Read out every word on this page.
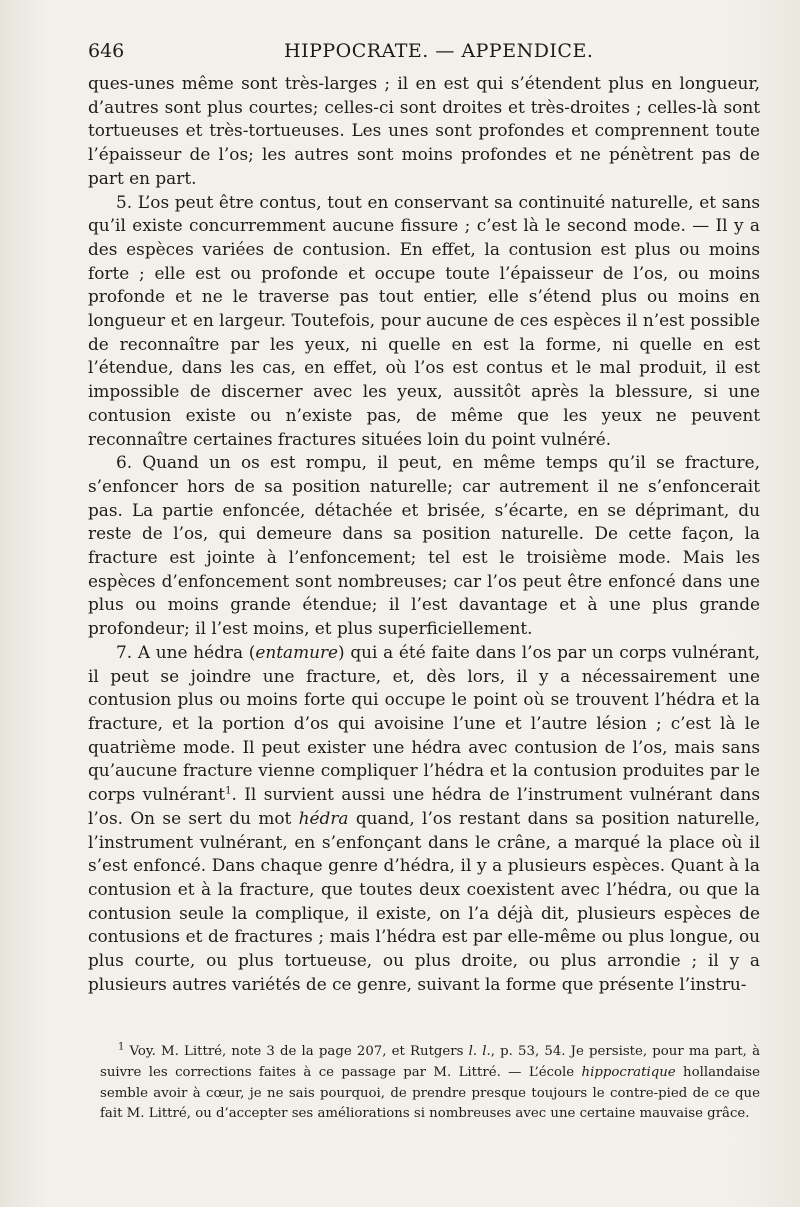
646	HIPPOCRATE. — APPENDICE.

ques-unes même sont très-larges ; il en est qui s’étendent plus en longueur, d’autres sont plus courtes; celles-ci sont droites et très-droites ; celles-là sont tortueuses et très-tortueuses. Les unes sont profondes et comprennent toute l’épaisseur de l’os; les autres sont moins profondes et ne pénètrent pas de part en part.

5. L’os peut être contus, tout en conservant sa continuité naturelle, et sans qu’il existe concurremment aucune fissure ; c’est là le second mode. — Il y a des espèces variées de contusion. En effet, la contusion est plus ou moins forte ; elle est ou profonde et occupe toute l’épaisseur de l’os, ou moins profonde et ne le traverse pas tout entier, elle s’étend plus ou moins en longueur et en largeur. Toutefois, pour aucune de ces espèces il n’est possible de reconnaître par les yeux, ni quelle en est la forme, ni quelle en est l’étendue, dans les cas, en effet, où l’os est contus et le mal produit, il est impossible de discerner avec les yeux, aussitôt après la blessure, si une contusion existe ou n’existe pas, de même que les yeux ne peuvent reconnaître certaines fractures situées loin du point vulnéré.

6. Quand un os est rompu, il peut, en même temps qu’il se fracture, s’enfoncer hors de sa position naturelle; car autrement il ne s’enfoncerait pas. La partie enfoncée, détachée et brisée, s’écarte, en se déprimant, du reste de l’os, qui demeure dans sa position naturelle. De cette façon, la fracture est jointe à l’enfoncement; tel est le troisième mode. Mais les espèces d’enfoncement sont nombreuses; car l’os peut être enfoncé dans une plus ou moins grande étendue; il l’est davantage et à une plus grande profondeur; il l’est moins, et plus superficiellement.

7. A une hédra (entamure) qui a été faite dans l’os par un corps vulnérant, il peut se joindre une fracture, et, dès lors, il y a nécessairement une contusion plus ou moins forte qui occupe le point où se trouvent l’hédra et la fracture, et la portion d’os qui avoisine l’une et l’autre lésion ; c’est là le quatrième mode. Il peut exister une hédra avec contusion de l’os, mais sans qu’aucune fracture vienne compliquer l’hédra et la contusion produites par le corps vulnérant$^1$. Il survient aussi une hédra de l’instrument vulnérant dans l’os. On se sert du mot hédra quand, l’os restant dans sa position naturelle, l’instrument vulnérant, en s’enfonçant dans le crâne, a marqué la place où il s’est enfoncé. Dans chaque genre d’hédra, il y a plusieurs espèces. Quant à la contusion et à la fracture, que toutes deux coexistent avec l’hédra, ou que la contusion seule la complique, il existe, on l’a déjà dit, plusieurs espèces de contusions et de fractures ; mais l’hédra est par elle-même ou plus longue, ou plus courte, ou plus tortueuse, ou plus droite, ou plus arrondie ; il y a plusieurs autres variétés de ce genre, suivant la forme que présente l’instru-

$^1$ Voy. M. Littré, note 3 de la page 207, et Rutgers l. l., p. 53, 54. Je persiste, pour ma part, à suivre les corrections faites à ce passage par M. Littré. — L’école hippocratique hollandaise semble avoir à cœur, je ne sais pourquoi, de prendre presque toujours le contre-pied de ce que fait M. Littré, ou d’accepter ses améliorations si nombreuses avec une certaine mauvaise grâce.
